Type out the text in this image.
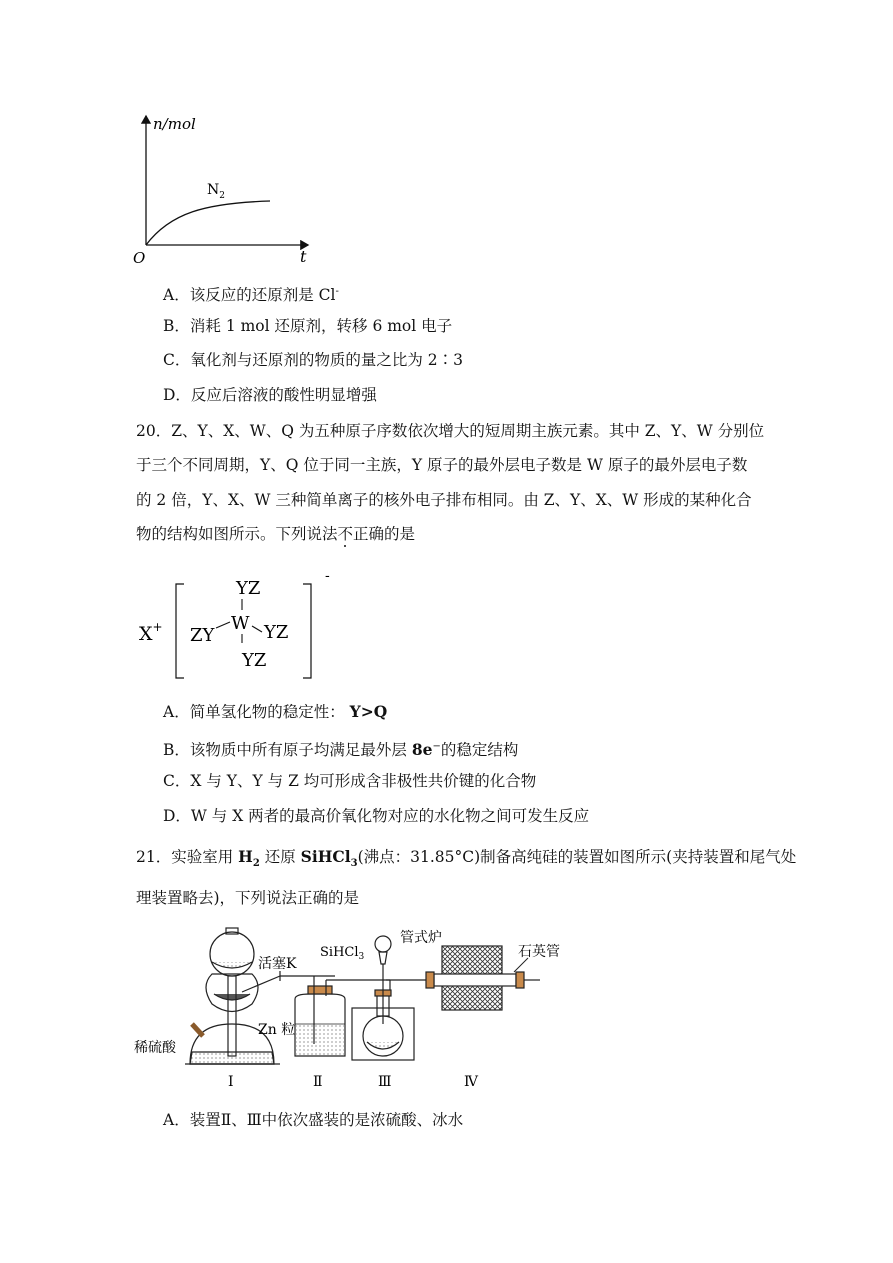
n/mol
t
O
$N_2$
A．该反应的还原剂是 Cl-
B．消耗 1 mol 还原剂，转移 6 mol 电子
C．氧化剂与还原剂的物质的量之比为 2∶3
D．反应后溶液的酸性明显增强
20．Z、Y、X、W、Q 为五种原子序数依次增大的短周期主族元素。其中 Z、Y、W 分别位
于三个不同周期，Y、Q 位于同一主族，Y 原子的最外层电子数是 W 原子的最外层电子数
的 2 倍，Y、X、W 三种简单离子的核外电子排布相同。由 Z、Y、X、W 形成的某种化合
物的结构如图所示。下列说法不正确的是
X+
-
YZ
W
ZY	YZ
YZ
A．简单氢化物的稳定性： Y>Q
B．该物质中所有原子均满足最外层 8e−的稳定结构
C．X 与 Y、Y 与 Z 均可形成含非极性共价键的化合物
D．W 与 X 两者的最高价氧化物对应的水化物之间可发生反应
21．实验室用 $H_2$ 还原 SiHCl$_3$(沸点：31.85°C)制备高纯硅的装置如图所示(夹持装置和尾气处
理装置略去)，下列说法正确的是
活塞K
Zn 粒
稀硫酸
Ⅰ	Ⅱ
SiHCl$_3$
管式炉
Ⅲ
石英管
Ⅳ
A．装置Ⅱ、Ⅲ中依次盛装的是浓硫酸、冰水
